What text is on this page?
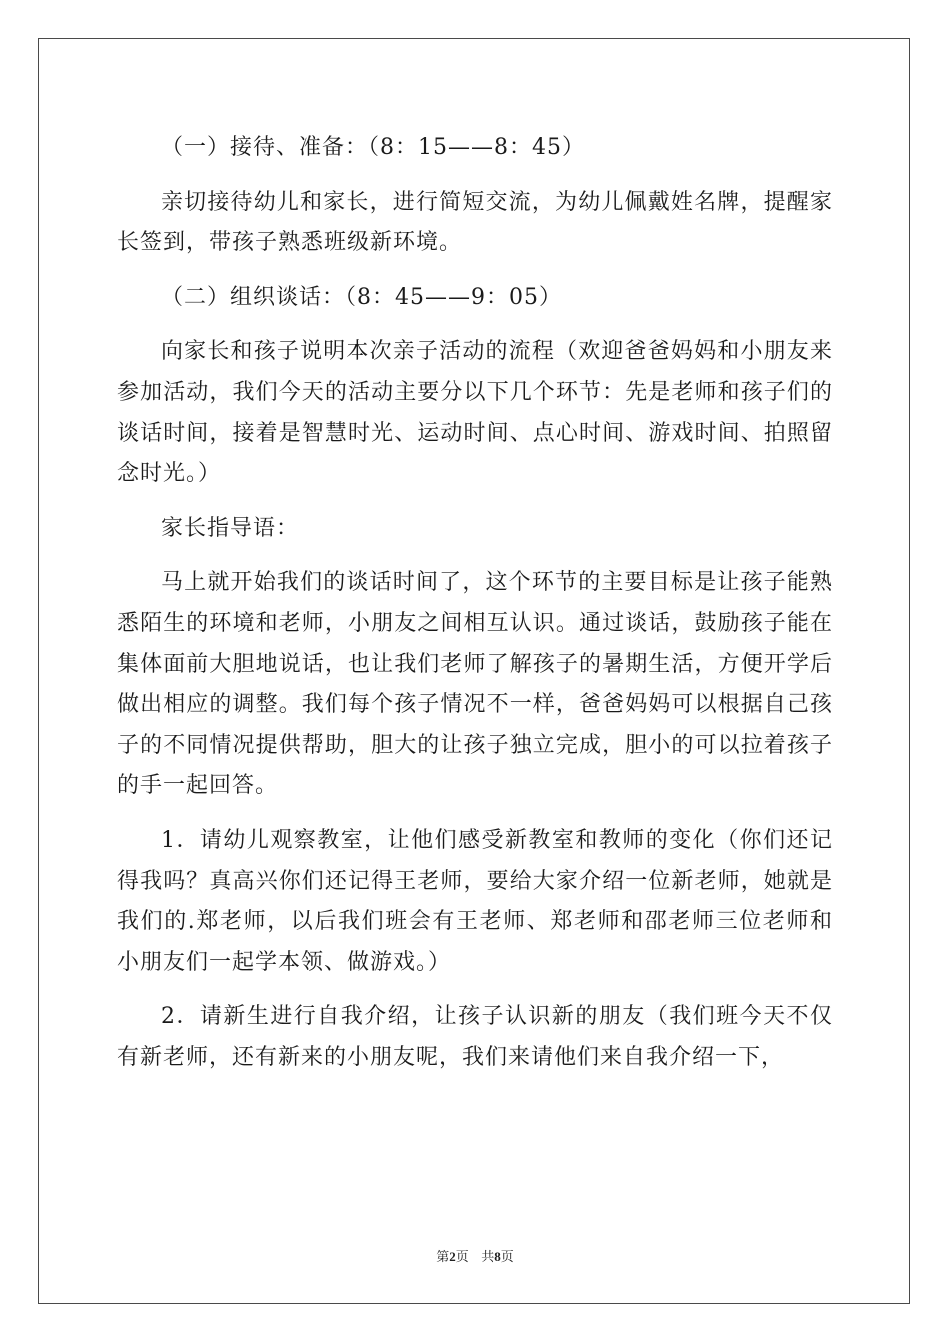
（一）接待、准备：（8：15——8：45）

亲切接待幼儿和家长，进行简短交流，为幼儿佩戴姓名牌，提醒家长签到，带孩子熟悉班级新环境。

（二）组织谈话：（8：45——9：05）

向家长和孩子说明本次亲子活动的流程（欢迎爸爸妈妈和小朋友来参加活动，我们今天的活动主要分以下几个环节：先是老师和孩子们的谈话时间，接着是智慧时光、运动时间、点心时间、游戏时间、拍照留念时光。）

家长指导语：

马上就开始我们的谈话时间了，这个环节的主要目标是让孩子能熟悉陌生的环境和老师，小朋友之间相互认识。通过谈话，鼓励孩子能在集体面前大胆地说话，也让我们老师了解孩子的暑期生活，方便开学后做出相应的调整。我们每个孩子情况不一样，爸爸妈妈可以根据自己孩子的不同情况提供帮助，胆大的让孩子独立完成，胆小的可以拉着孩子的手一起回答。

1．请幼儿观察教室，让他们感受新教室和教师的变化（你们还记得我吗？真高兴你们还记得王老师，要给大家介绍一位新老师，她就是我们的.郑老师，以后我们班会有王老师、郑老师和邵老师三位老师和小朋友们一起学本领、做游戏。）

2．请新生进行自我介绍，让孩子认识新的朋友（我们班今天不仅有新老师，还有新来的小朋友呢，我们来请他们来自我介绍一下，

第2页 共8页
